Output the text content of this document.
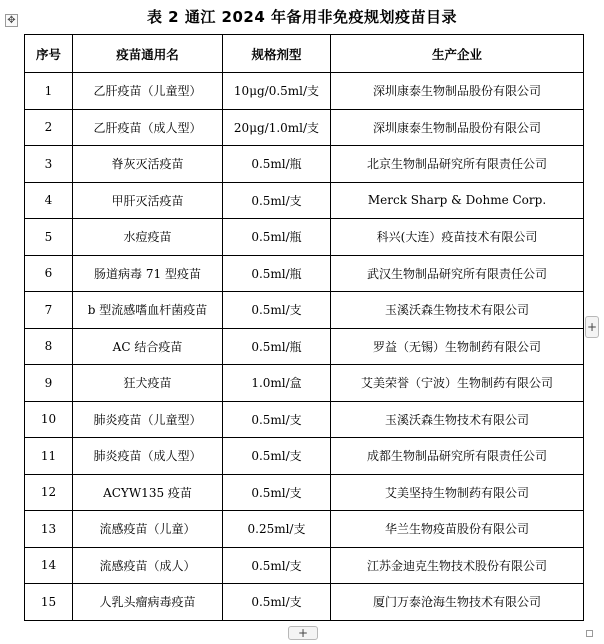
✥	表 2 通江 2024 年备用非免疫规划疫苗目录
序号	疫苗通用名	规格剂型	生产企业
1	乙肝疫苗（儿童型）	10μg/0.5ml/支	深圳康泰生物制品股份有限公司
2	乙肝疫苗（成人型）	20μg/1.0ml/支	深圳康泰生物制品股份有限公司
3	脊灰灭活疫苗	0.5ml/瓶	北京生物制品研究所有限责任公司
4	甲肝灭活疫苗	0.5ml/支	Merck Sharp & Dohme Corp.
5	水痘疫苗	0.5ml/瓶	科兴(大连）疫苗技术有限公司
6	肠道病毒 71 型疫苗	0.5ml/瓶	武汉生物制品研究所有限责任公司
7	b 型流感嗜血杆菌疫苗	0.5ml/支	玉溪沃森生物技术有限公司
8	AC 结合疫苗	0.5ml/瓶	罗益（无锡）生物制药有限公司
9	狂犬疫苗	1.0ml/盒	艾美荣誉（宁波）生物制药有限公司
10	肺炎疫苗（儿童型）	0.5ml/支	玉溪沃森生物技术有限公司
11	肺炎疫苗（成人型）	0.5ml/支	成都生物制品研究所有限责任公司
12	ACYW135 疫苗	0.5ml/支	艾美坚持生物制药有限公司
13	流感疫苗（儿童）	0.25ml/支	华兰生物疫苗股份有限公司
14	流感疫苗（成人）	0.5ml/支	江苏金迪克生物技术股份有限公司
15	人乳头瘤病毒疫苗	0.5ml/支	厦门万泰沧海生物技术有限公司
+
+
